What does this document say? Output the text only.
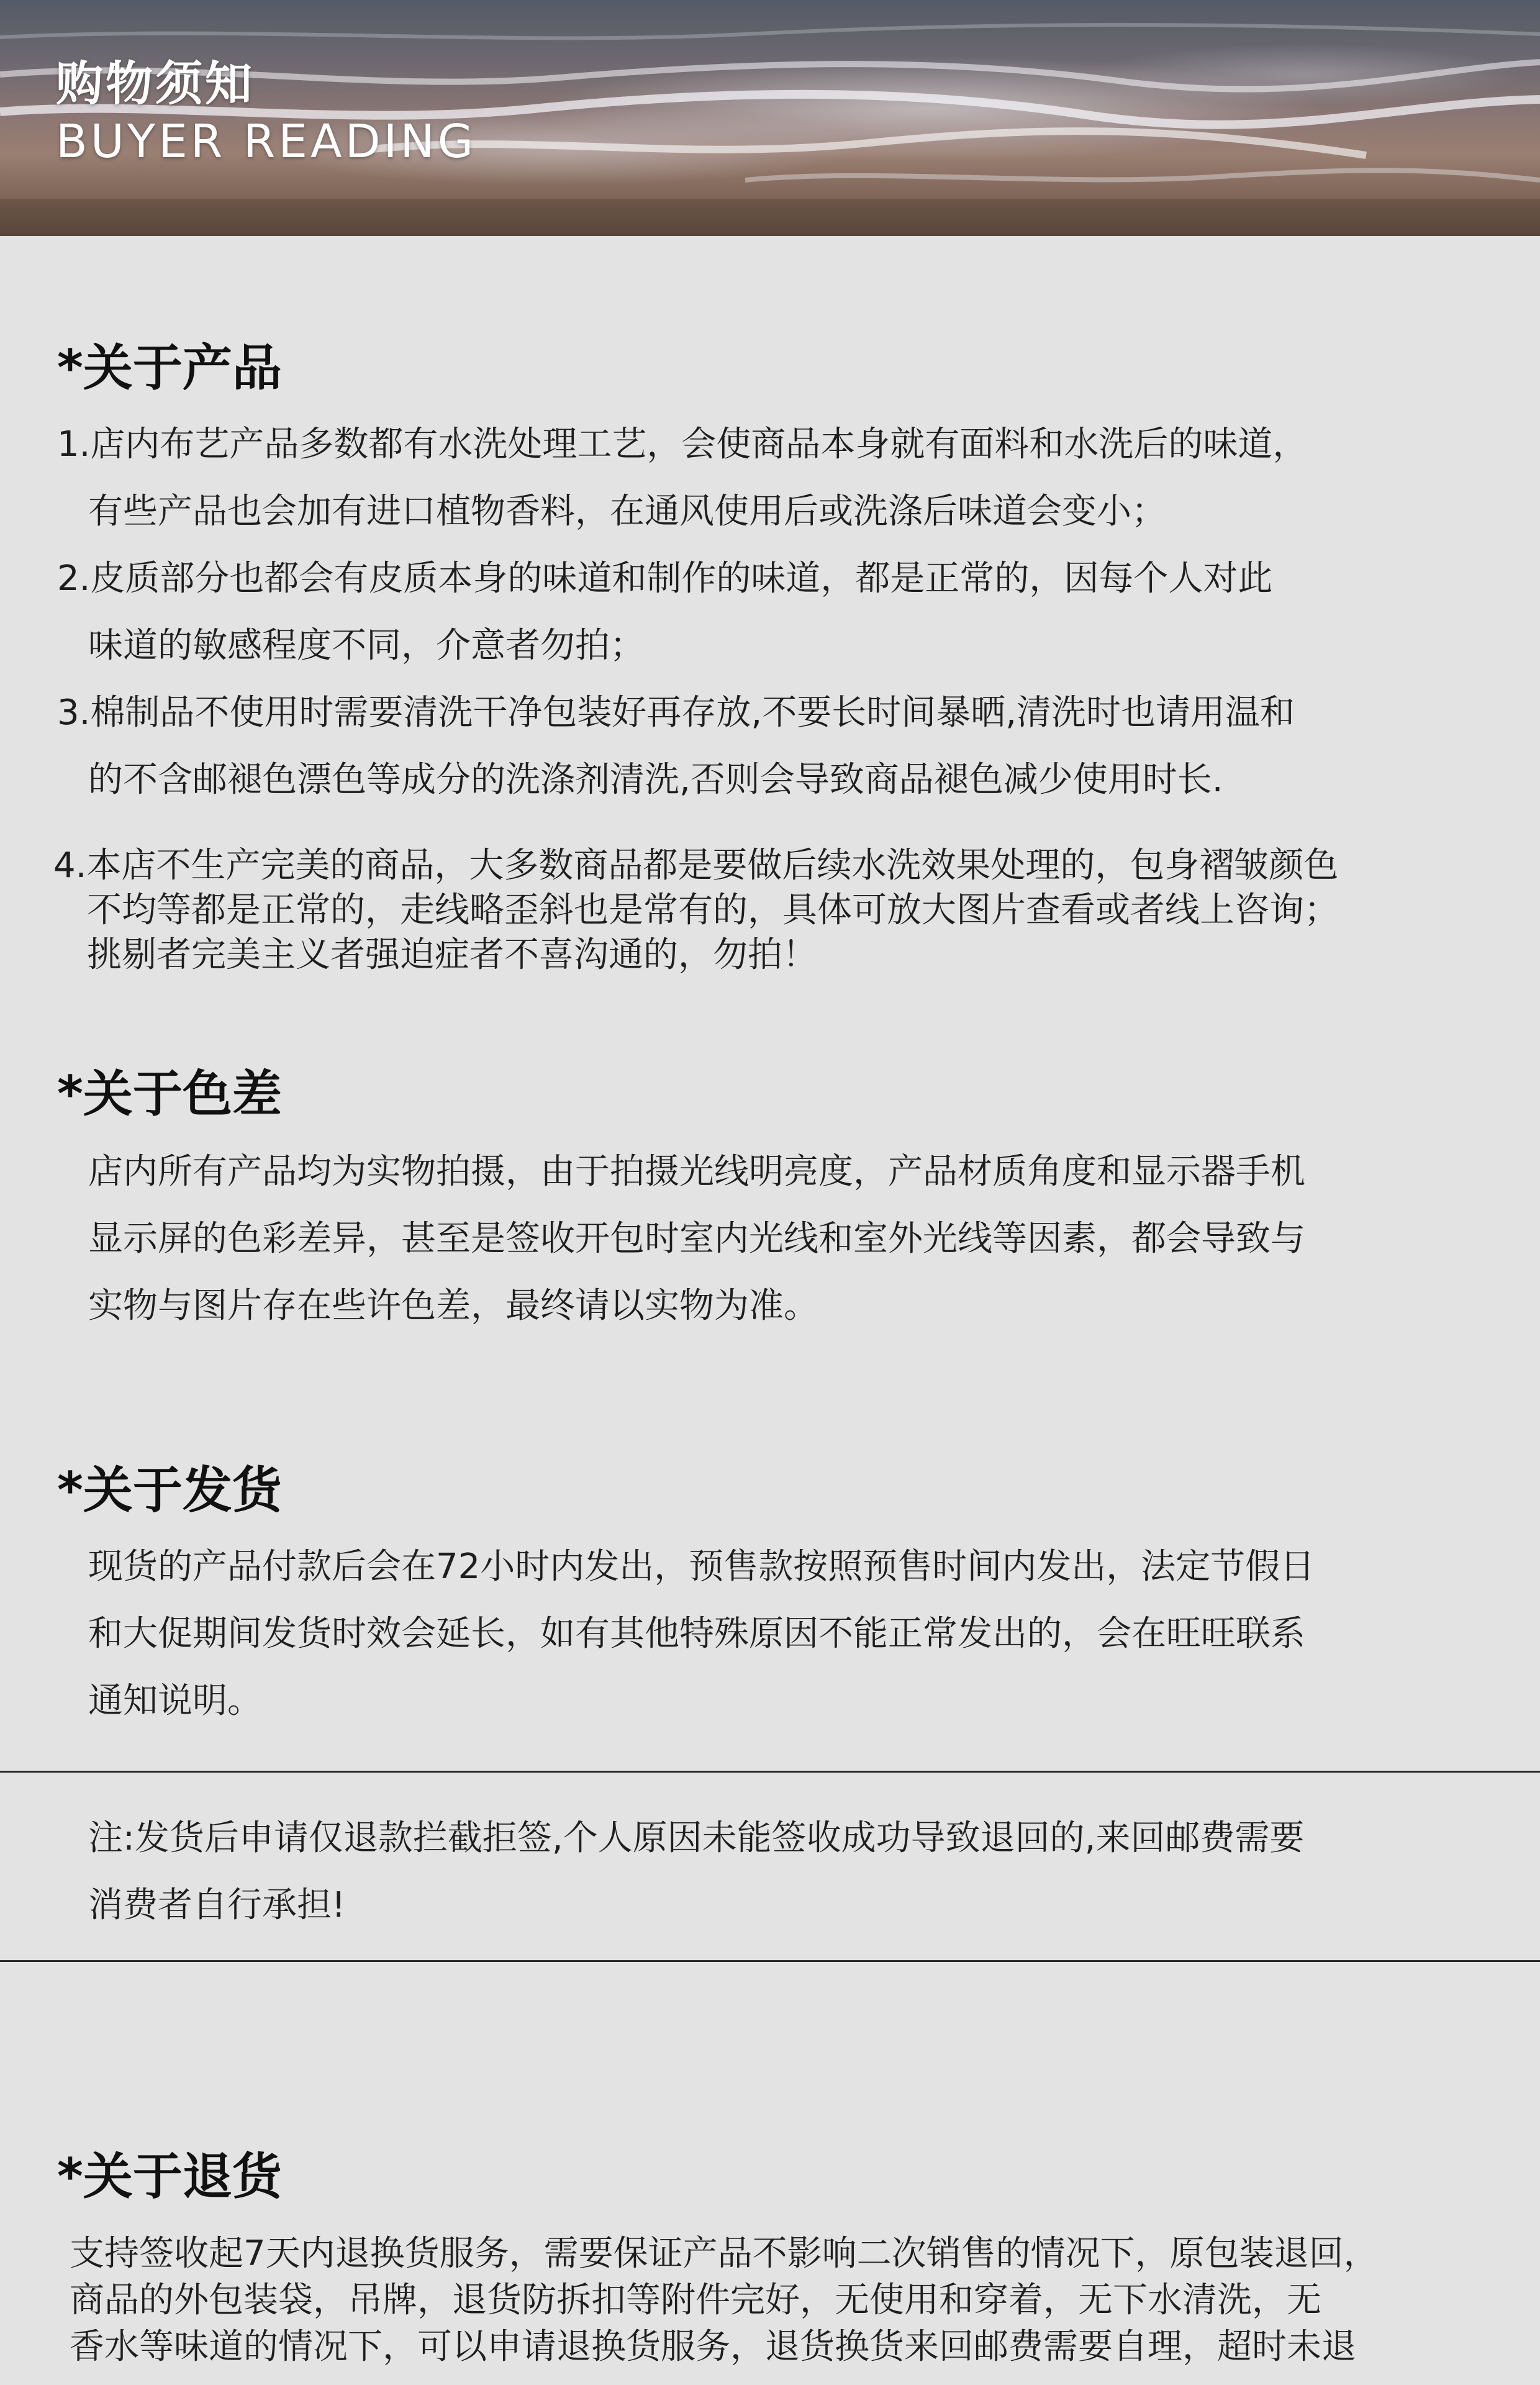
购物须知
BUYER READING
*关于产品

1.店内布艺产品多数都有水洗处理工艺，会使商品本身就有面料和水洗后的味道，

有些产品也会加有进口植物香料，在通风使用后或洗涤后味道会变小；

2.皮质部分也都会有皮质本身的味道和制作的味道，都是正常的，因每个人对此

味道的敏感程度不同，介意者勿拍；

3.棉制品不使用时需要清洗干净包装好再存放,不要长时间暴晒,清洗时也请用温和

的不含邮褪色漂色等成分的洗涤剂清洗,否则会导致商品褪色减少使用时长.

4.本店不生产完美的商品，大多数商品都是要做后续水洗效果处理的，包身褶皱颜色

不均等都是正常的，走线略歪斜也是常有的，具体可放大图片查看或者线上咨询；

挑剔者完美主义者强迫症者不喜沟通的，勿拍！

*关于色差

店内所有产品均为实物拍摄，由于拍摄光线明亮度，产品材质角度和显示器手机

显示屏的色彩差异，甚至是签收开包时室内光线和室外光线等因素，都会导致与

实物与图片存在些许色差，最终请以实物为准。

*关于发货

现货的产品付款后会在72小时内发出，预售款按照预售时间内发出，法定节假日

和大促期间发货时效会延长，如有其他特殊原因不能正常发出的，会在旺旺联系

通知说明。

注:发货后申请仅退款拦截拒签,个人原因未能签收成功导致退回的,来回邮费需要

消费者自行承担!

*关于退货

支持签收起7天内退换货服务，需要保证产品不影响二次销售的情况下，原包装退回，

商品的外包装袋，吊牌，退货防拆扣等附件完好，无使用和穿着，无下水清洗，无

香水等味道的情况下，可以申请退换货服务，退货换货来回邮费需要自理，超时未退
